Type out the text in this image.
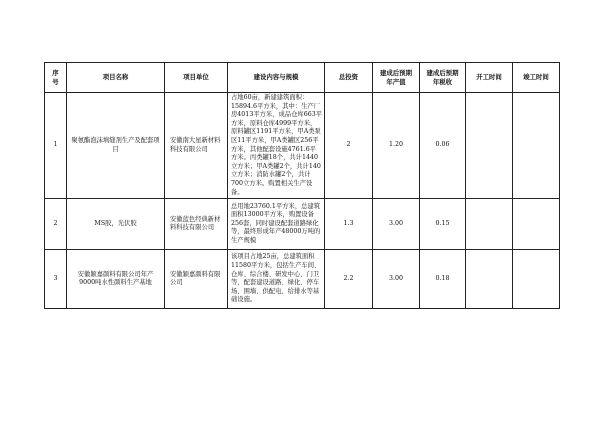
序号	项目名称	项目单位	建设内容与规模	总投资	建成后预期年产值	建成后预期年税收	开工时间	竣工时间
1	聚氨酯泡沫填缝剂生产及配套项目	安徽南大星新材料科技有限公司	占地60亩，新建建筑面积：15894.6平方米，其中：生产厂房4013平方米，成品仓库663平方米，原料仓库4999平方米，原料罐区1191平方米，甲A类泵区11平方米，甲A类罐区256平方米，其他配套设施4761.6平方米。丙类罐18个，共计1440立方米；甲A类罐2个，共计140立方米；消防水罐2个，共计700立方米。购置相关生产设备。	2	1.20	0.06		
2	MS胶，光伏胶	安徽蓝色经典新材料科技有限公司	总用地23760.1平方米，总建筑面积13000平方米，购置设备256套，同时建设配套道路绿化等，最终形成年产48000万吨的生产规模	1.3	3.00	0.15		
3	安徽颖嘉颜料有限公司年产9000吨水性颜料生产基地	安徽颖嘉颜料有限公司	该项目占地25亩，总建筑面积11580平方米，包括生产车间、仓库、综合楼、研发中心、门卫等，配套建设道路、绿化、停车场、围墙、供配电、给排水等基础设施。	2.2	3.00	0.18		
